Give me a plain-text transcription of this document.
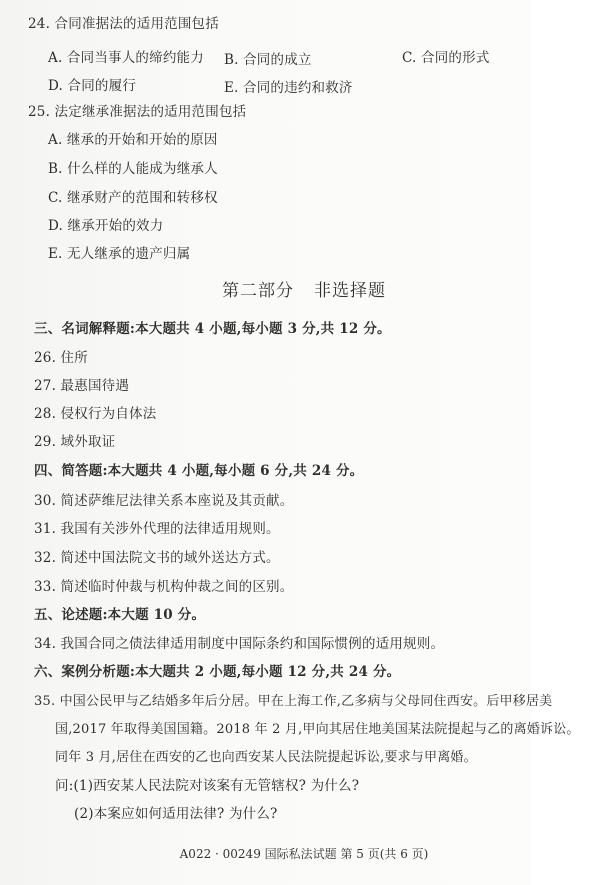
24. 合同准据法的适用范围包括
A. 合同当事人的缔约能力 B. 合同的成立	C. 合同的形式
D. 合同的履行	E. 合同的违约和救济
25. 法定继承准据法的适用范围包括
A. 继承的开始和开始的原因
B. 什么样的人能成为继承人
C. 继承财产的范围和转移权
D. 继承开始的效力
E. 无人继承的遗产归属
第二部分 非选择题
三、名词解释题:本大题共 4 小题,每小题 3 分,共 12 分。
26. 住所
27. 最惠国待遇
28. 侵权行为自体法
29. 域外取证
四、简答题:本大题共 4 小题,每小题 6 分,共 24 分。
30. 简述萨维尼法律关系本座说及其贡献。
31. 我国有关涉外代理的法律适用规则。
32. 简述中国法院文书的域外送达方式。
33. 简述临时仲裁与机构仲裁之间的区别。
五、论述题:本大题 10 分。
34. 我国合同之债法律适用制度中国际条约和国际惯例的适用规则。
六、案例分析题:本大题共 2 小题,每小题 12 分,共 24 分。
35. 中国公民甲与乙结婚多年后分居。甲在上海工作,乙多病与父母同住西安。后甲移居美
国,2017 年取得美国国籍。2018 年 2 月,甲向其居住地美国某法院提起与乙的离婚诉讼。
同年 3 月,居住在西安的乙也向西安某人民法院提起诉讼,要求与甲离婚。
问:(1)西安某人民法院对该案有无管辖权? 为什么?
(2)本案应如何适用法律? 为什么?
A022 · 00249 国际私法试题 第 5 页(共 6 页)
